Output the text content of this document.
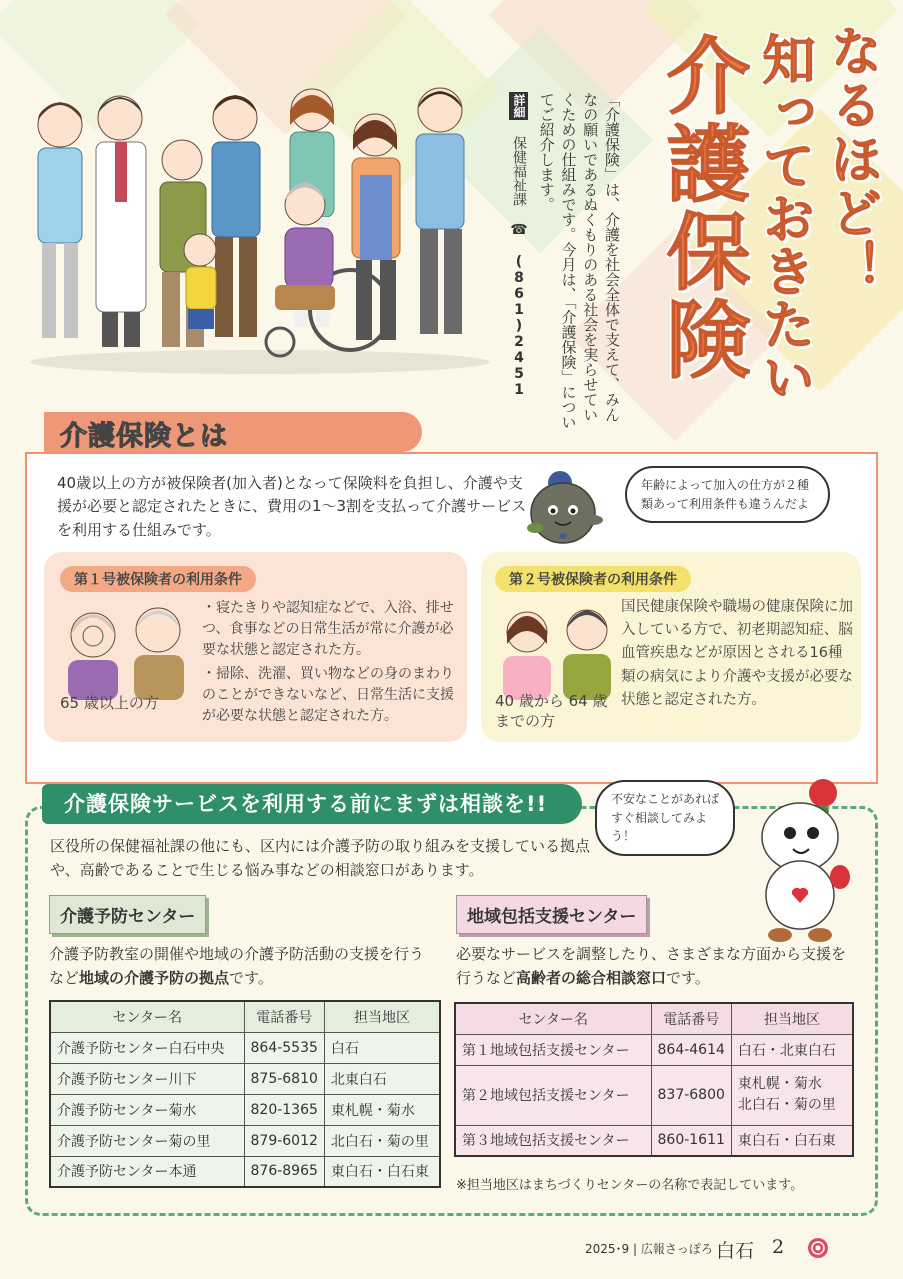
なるほど！
知っておきたい
介護保険
「介護保険」は、介護を社会全体で支えて、みんなの願いであるぬくもりのある社会を実らせていくための仕組みです。今月は、「介護保険」についてご紹介します。
詳細 保健福祉課 ☎ (861)2451
介護保険とは
40歳以上の方が被保険者(加入者)となって保険料を負担し、介護や支援が必要と認定されたときに、費用の1〜3割を支払って介護サービスを利用する仕組みです。
年齢によって加入の仕方が２種類あって利用条件も違うんだよ
第１号被保険者の利用条件
65 歳以上の方
・寝たきりや認知症などで、入浴、排せつ、食事などの日常生活が常に介護が必要な状態と認定された方。
・掃除、洗濯、買い物などの身のまわりのことができないなど、日常生活に支援が必要な状態と認定された方。
第２号被保険者の利用条件
40 歳から 64 歳までの方
国民健康保険や職場の健康保険に加入している方で、初老期認知症、脳血管疾患などが原因とされる16種類の病気により介護や支援が必要な状態と認定された方。
介護保険サービスを利用する前にまずは相談を!!	不安なことがあればすぐ相談してみよう！
区役所の保健福祉課の他にも、区内には介護予防の取り組みを支援している拠点や、高齢であることで生じる悩み事などの相談窓口があります。
介護予防センター
介護予防教室の開催や地域の介護予防活動の支援を行うなど地域の介護予防の拠点です。
センター名	電話番号	担当地区
介護予防センター白石中央	864-5535	白石
介護予防センター川下	875-6810	北東白石
介護予防センター菊水	820-1365	東札幌・菊水
介護予防センター菊の里	879-6012	北白石・菊の里
介護予防センター本通	876-8965	東白石・白石東
地域包括支援センター
必要なサービスを調整したり、さまざまな方面から支援を行うなど高齢者の総合相談窓口です。
センター名	電話番号	担当地区
第１地域包括支援センター	864-4614	白石・北東白石
第２地域包括支援センター	837-6800	東札幌・菊水
北白石・菊の里
第３地域包括支援センター	860-1611	東白石・白石東
※担当地区はまちづくりセンターの名称で表記しています。
2025･9 | 広報さっぽろ 白石 2
